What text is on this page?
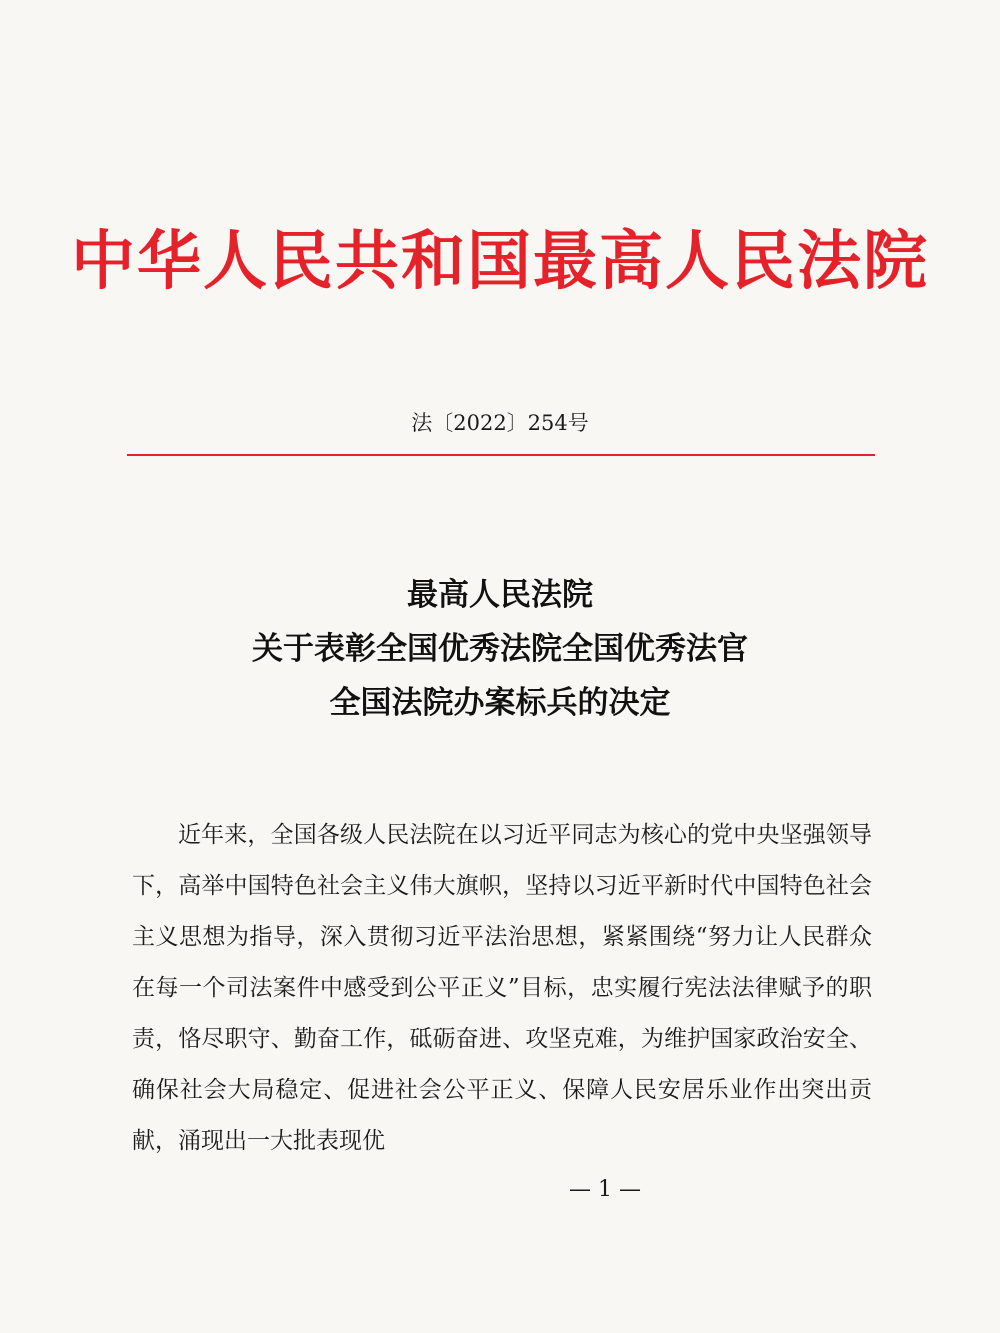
中华人民共和国最高人民法院
法〔2022〕254号
最高人民法院
关于表彰全国优秀法院全国优秀法官
全国法院办案标兵的决定

近年来，全国各级人民法院在以习近平同志为核心的党中央坚强领导下，高举中国特色社会主义伟大旗帜，坚持以习近平新时代中国特色社会主义思想为指导，深入贯彻习近平法治思想，紧紧围绕“努力让人民群众在每一个司法案件中感受到公平正义”目标，忠实履行宪法法律赋予的职责，恪尽职守、勤奋工作，砥砺奋进、攻坚克难，为维护国家政治安全、确保社会大局稳定、促进社会公平正义、保障人民安居乐业作出突出贡献，涌现出一大批表现优

— 1 —
